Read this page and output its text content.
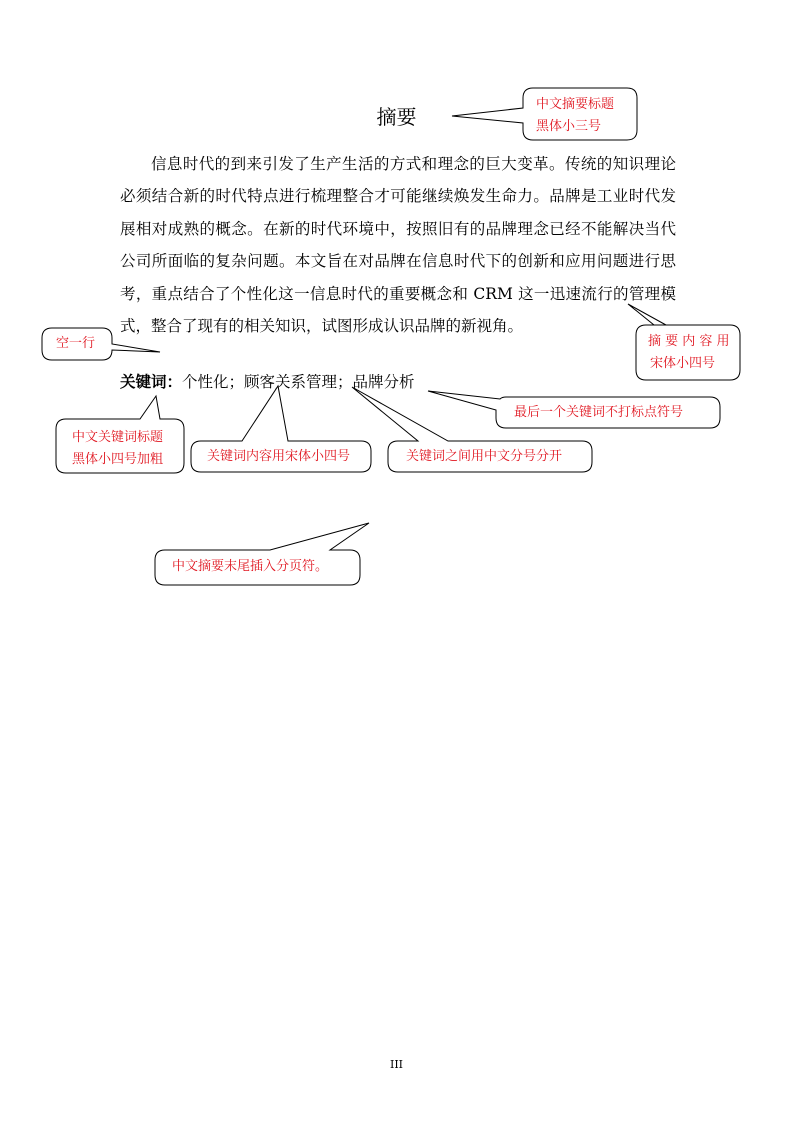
摘要

信息时代的到来引发了生产生活的方式和理念的巨大变革。传统的知识理论必须结合新的时代特点进行梳理整合才可能继续焕发生命力。品牌是工业时代发展相对成熟的概念。在新的时代环境中，按照旧有的品牌理念已经不能解决当代公司所面临的复杂问题。本文旨在对品牌在信息时代下的创新和应用问题进行思考，重点结合了个性化这一信息时代的重要概念和 CRM 这一迅速流行的管理模式，整合了现有的相关知识，试图形成认识品牌的新视角。

关键词：个性化；顾客关系管理；品牌分析
中文摘要标题
黑体小三号
摘 要 内 容 用
宋体小四号
空一行
中文关键词标题
黑体小四号加粗	关键词内容用宋体小四号	关键词之间用中文分号分开
最后一个关键词不打标点符号
中文摘要末尾插入分页符。
III
